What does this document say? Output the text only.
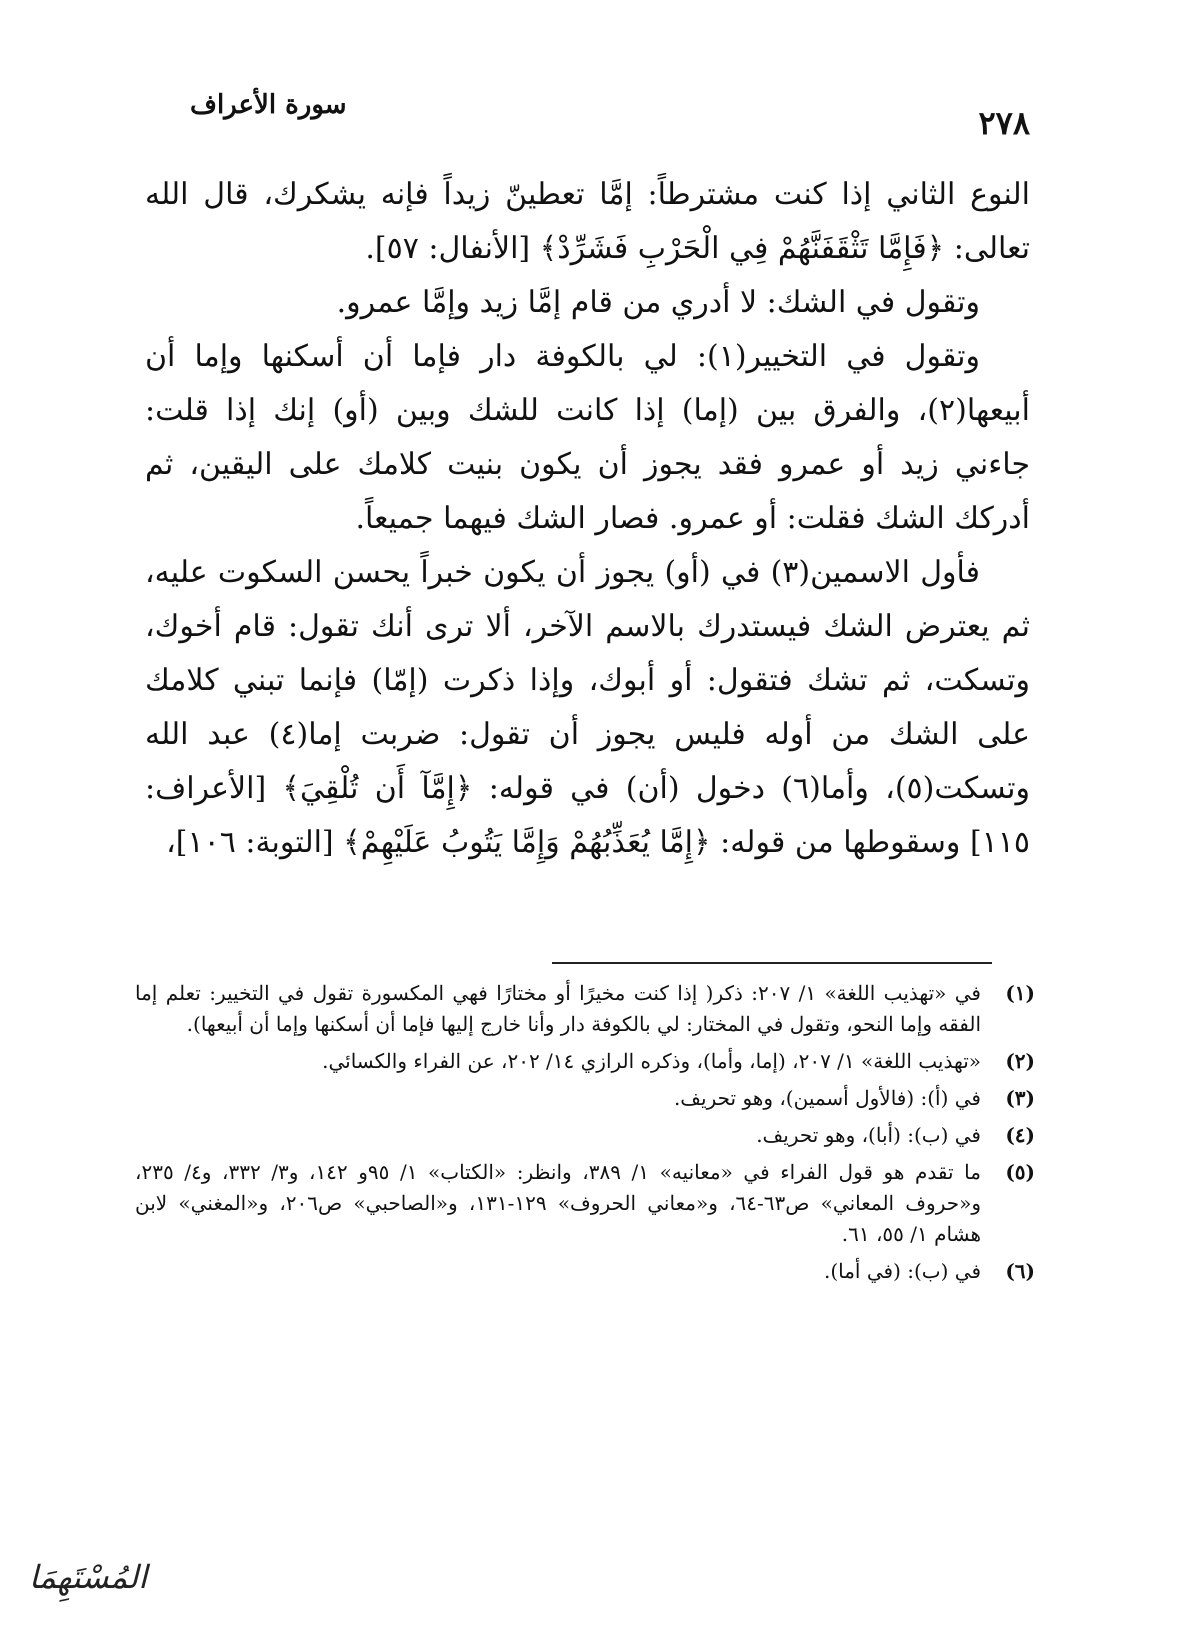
٢٧٨
سورة الأعراف

النوع الثاني إذا كنت مشترطاً: إمَّا تعطينّ زيداً فإنه يشكرك، قال الله تعالى: ﴿فَإِمَّا تَثْقَفَنَّهُمْ فِي الْحَرْبِ فَشَرِّدْ﴾ [الأنفال: ٥٧].

وتقول في الشك: لا أدري من قام إمَّا زيد وإمَّا عمرو.

وتقول في التخيير(١): لي بالكوفة دار فإما أن أسكنها وإما أن أبيعها(٢)، والفرق بين (إما) إذا كانت للشك وبين (أو) إنك إذا قلت: جاءني زيد أو عمرو فقد يجوز أن يكون بنيت كلامك على اليقين، ثم أدركك الشك فقلت: أو عمرو. فصار الشك فيهما جميعاً.

فأول الاسمين(٣) في (أو) يجوز أن يكون خبراً يحسن السكوت عليه، ثم يعترض الشك فيستدرك بالاسم الآخر، ألا ترى أنك تقول: قام أخوك، وتسكت، ثم تشك فتقول: أو أبوك، وإذا ذكرت (إمّا) فإنما تبني كلامك على الشك من أوله فليس يجوز أن تقول: ضربت إما(٤) عبد الله وتسكت(٥)، وأما(٦) دخول (أن) في قوله: ﴿إِمَّآ أَن تُلْقِيَ﴾ [الأعراف: ١١٥] وسقوطها من قوله: ﴿إِمَّا يُعَذِّبُهُمْ وَإِمَّا يَتُوبُ عَلَيْهِمْ﴾ [التوبة: ١٠٦]،

(١)
في «تهذيب اللغة» ١/ ٢٠٧: ذكر( إذا كنت مخيرًا أو مختارًا فهي المكسورة تقول في التخيير: تعلم إما الفقه وإما النحو، وتقول في المختار: لي بالكوفة دار وأنا خارج إليها فإما أن أسكنها وإما أن أبيعها).
(٢)
«تهذيب اللغة» ١/ ٢٠٧، (إما، وأما)، وذكره الرازي ١٤/ ٢٠٢، عن الفراء والكسائي.
(٣)
في (أ): (فالأول أسمين)، وهو تحريف.
(٤)
في (ب): (أبا)، وهو تحريف.
(٥)
ما تقدم هو قول الفراء في «معانيه» ١/ ٣٨٩، وانظر: «الكتاب» ١/ ٩٥و ١٤٢، و٣/ ٣٣٢، و٤/ ٢٣٥، و«حروف المعاني» ص٦٣-٦٤، و«معاني الحروف» ١٢٩-١٣١، و«الصاحبي» ص٢٠٦، و«المغني» لابن هشام ١/ ٥٥، ٦١.
(٦)
في (ب): (في أما).
المُسْتَهِمَا
